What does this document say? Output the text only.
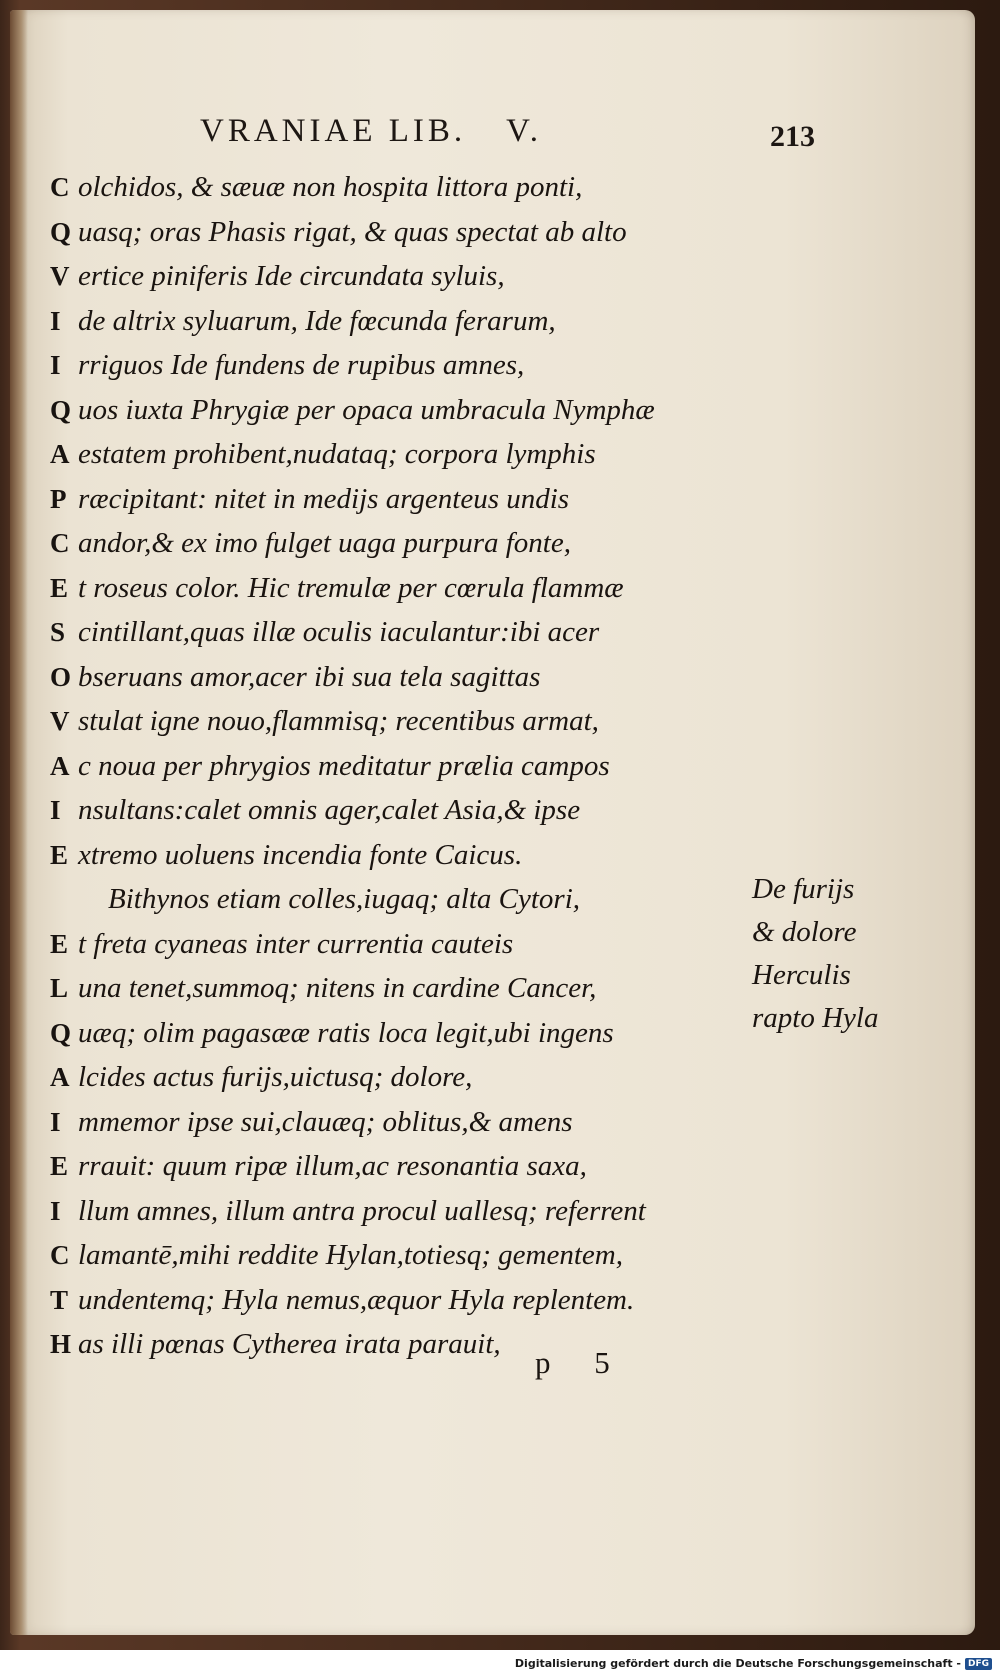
VRANIAE LIB. V.	213
C olchidos, & sæuæ non hospita littora ponti,
Q uasq; oras Phasis rigat, & quas spectat ab alto
V ertice piniferis Ide circundata syluis,
I de altrix syluarum, Ide fœcunda ferarum,
I rriguos Ide fundens de rupibus amnes,
Q uos iuxta Phrygiæ per opaca umbracula Nymphæ
A estatem prohibent,nudataq; corpora lymphis
P ræcipitant: nitet in medijs argenteus undis
C andor,& ex imo fulget uaga purpura fonte,
E t roseus color. Hic tremulæ per cœrula flammæ
S cintillant,quas illæ oculis iaculantur:ibi acer
O bseruans amor,acer ibi sua tela sagittas
V stulat igne nouo,flammisq; recentibus armat,
A c noua per phrygios meditatur prælia campos
I nsultans:calet omnis ager,calet Asia,& ipse
E xtremo uoluens incendia fonte Caicus.
Bithynos etiam colles,iugaq; alta Cytori,
E t freta cyaneas inter currentia cauteis
L una tenet,summoq; nitens in cardine Cancer,
Q uæq; olim pagasææ ratis loca legit,ubi ingens
A lcides actus furijs,uictusq; dolore,
I mmemor ipse sui,clauæq; oblitus,& amens
E rrauit: quum ripæ illum,ac resonantia saxa,
I llum amnes, illum antra procul uallesq; referrent
C lamantē,mihi reddite Hylan,totiesq; gementem,
T undentemq; Hyla nemus,æquor Hyla replentem.
H as illi pœnas Cytherea irata parauit,
De furijs
& dolore
Herculis
rapto Hyla
p 5
Digitalisierung gefördert durch die Deutsche Forschungsgemeinschaft - DFG
